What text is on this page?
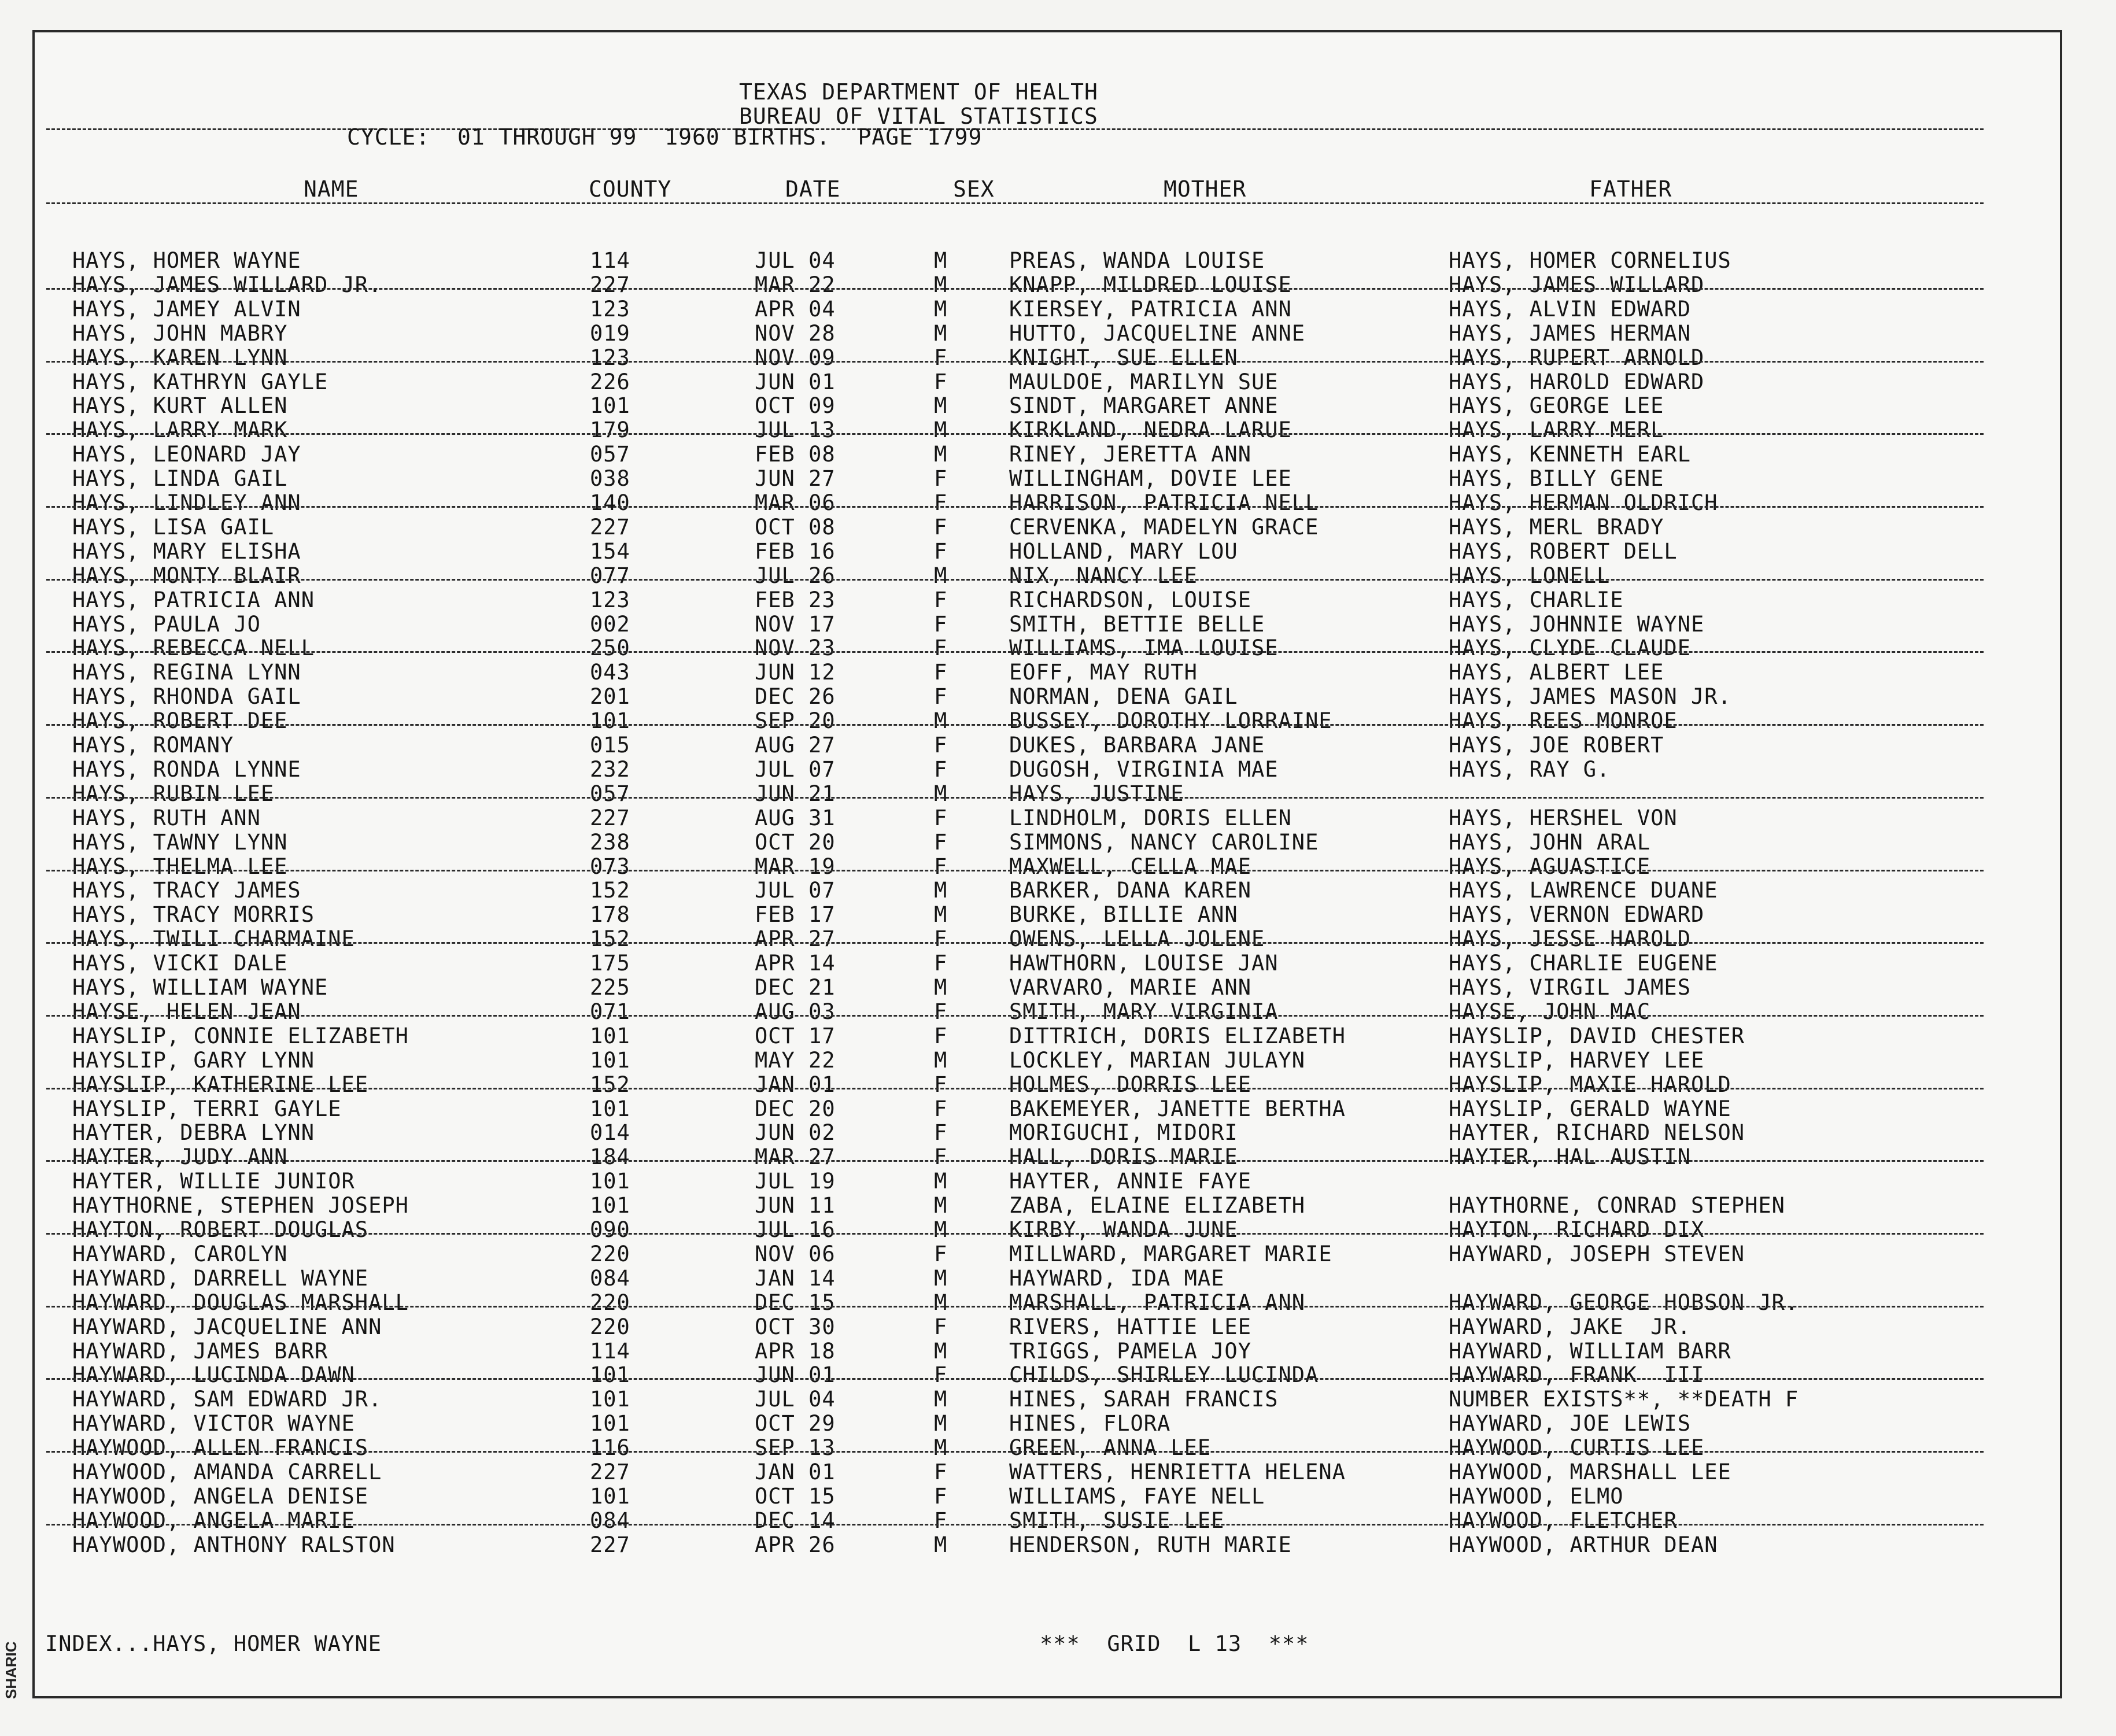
SHARIC
TEXAS DEPARTMENT OF HEALTH
BUREAU OF VITAL STATISTICS
CYCLE:  01 THROUGH 99  1960 BIRTHS.  PAGE 1799
NAME	COUNTY	DATE	SEX	MOTHER	FATHER
HAYS, HOMER WAYNE	114	JUL 04	M	PREAS, WANDA LOUISE	HAYS, HOMER CORNELIUS
HAYS, JAMES WILLARD JR.	227	MAR 22	M	KNAPP, MILDRED LOUISE	HAYS, JAMES WILLARD
HAYS, JAMEY ALVIN	123	APR 04	M	KIERSEY, PATRICIA ANN	HAYS, ALVIN EDWARD
HAYS, JOHN MABRY	019	NOV 28	M	HUTTO, JACQUELINE ANNE	HAYS, JAMES HERMAN
HAYS, KAREN LYNN	123	NOV 09	F	KNIGHT, SUE ELLEN	HAYS, RUPERT ARNOLD
HAYS, KATHRYN GAYLE	226	JUN 01	F	MAULDOE, MARILYN SUE	HAYS, HAROLD EDWARD
HAYS, KURT ALLEN	101	OCT 09	M	SINDT, MARGARET ANNE	HAYS, GEORGE LEE
HAYS, LARRY MARK	179	JUL 13	M	KIRKLAND, NEDRA LARUE	HAYS, LARRY MERL
HAYS, LEONARD JAY	057	FEB 08	M	RINEY, JERETTA ANN	HAYS, KENNETH EARL
HAYS, LINDA GAIL	038	JUN 27	F	WILLINGHAM, DOVIE LEE	HAYS, BILLY GENE
HAYS, LINDLEY ANN	140	MAR 06	F	HARRISON, PATRICIA NELL	HAYS, HERMAN OLDRICH
HAYS, LISA GAIL	227	OCT 08	F	CERVENKA, MADELYN GRACE	HAYS, MERL BRADY
HAYS, MARY ELISHA	154	FEB 16	F	HOLLAND, MARY LOU	HAYS, ROBERT DELL
HAYS, MONTY BLAIR	077	JUL 26	M	NIX, NANCY LEE	HAYS, LONELL
HAYS, PATRICIA ANN	123	FEB 23	F	RICHARDSON, LOUISE	HAYS, CHARLIE
HAYS, PAULA JO	002	NOV 17	F	SMITH, BETTIE BELLE	HAYS, JOHNNIE WAYNE
HAYS, REBECCA NELL	250	NOV 23	F	WILLIAMS, IMA LOUISE	HAYS, CLYDE CLAUDE
HAYS, REGINA LYNN	043	JUN 12	F	EOFF, MAY RUTH	HAYS, ALBERT LEE
HAYS, RHONDA GAIL	201	DEC 26	F	NORMAN, DENA GAIL	HAYS, JAMES MASON JR.
HAYS, ROBERT DEE	101	SEP 20	M	BUSSEY, DOROTHY LORRAINE	HAYS, REES MONROE
HAYS, ROMANY	015	AUG 27	F	DUKES, BARBARA JANE	HAYS, JOE ROBERT
HAYS, RONDA LYNNE	232	JUL 07	F	DUGOSH, VIRGINIA MAE	HAYS, RAY G.
HAYS, RUBIN LEE	057	JUN 21	M	HAYS, JUSTINE
HAYS, RUTH ANN	227	AUG 31	F	LINDHOLM, DORIS ELLEN	HAYS, HERSHEL VON
HAYS, TAWNY LYNN	238	OCT 20	F	SIMMONS, NANCY CAROLINE	HAYS, JOHN ARAL
HAYS, THELMA LEE	073	MAR 19	F	MAXWELL, CELLA MAE	HAYS, AGUASTICE
HAYS, TRACY JAMES	152	JUL 07	M	BARKER, DANA KAREN	HAYS, LAWRENCE DUANE
HAYS, TRACY MORRIS	178	FEB 17	M	BURKE, BILLIE ANN	HAYS, VERNON EDWARD
HAYS, TWILI CHARMAINE	152	APR 27	F	OWENS, LELLA JOLENE	HAYS, JESSE HAROLD
HAYS, VICKI DALE	175	APR 14	F	HAWTHORN, LOUISE JAN	HAYS, CHARLIE EUGENE
HAYS, WILLIAM WAYNE	225	DEC 21	M	VARVARO, MARIE ANN	HAYS, VIRGIL JAMES
HAYSE, HELEN JEAN	071	AUG 03	F	SMITH, MARY VIRGINIA	HAYSE, JOHN MAC
HAYSLIP, CONNIE ELIZABETH	101	OCT 17	F	DITTRICH, DORIS ELIZABETH	HAYSLIP, DAVID CHESTER
HAYSLIP, GARY LYNN	101	MAY 22	M	LOCKLEY, MARIAN JULAYN	HAYSLIP, HARVEY LEE
HAYSLIP, KATHERINE LEE	152	JAN 01	F	HOLMES, DORRIS LEE	HAYSLIP, MAXIE HAROLD
HAYSLIP, TERRI GAYLE	101	DEC 20	F	BAKEMEYER, JANETTE BERTHA	HAYSLIP, GERALD WAYNE
HAYTER, DEBRA LYNN	014	JUN 02	F	MORIGUCHI, MIDORI	HAYTER, RICHARD NELSON
HAYTER, JUDY ANN	184	MAR 27	F	HALL, DORIS MARIE	HAYTER, HAL AUSTIN
HAYTER, WILLIE JUNIOR	101	JUL 19	M	HAYTER, ANNIE FAYE
HAYTHORNE, STEPHEN JOSEPH	101	JUN 11	M	ZABA, ELAINE ELIZABETH	HAYTHORNE, CONRAD STEPHEN
HAYTON, ROBERT DOUGLAS	090	JUL 16	M	KIRBY, WANDA JUNE	HAYTON, RICHARD DIX
HAYWARD, CAROLYN	220	NOV 06	F	MILLWARD, MARGARET MARIE	HAYWARD, JOSEPH STEVEN
HAYWARD, DARRELL WAYNE	084	JAN 14	M	HAYWARD, IDA MAE
HAYWARD, DOUGLAS MARSHALL	220	DEC 15	M	MARSHALL, PATRICIA ANN	HAYWARD, GEORGE HOBSON JR.
HAYWARD, JACQUELINE ANN	220	OCT 30	F	RIVERS, HATTIE LEE	HAYWARD, JAKE  JR.
HAYWARD, JAMES BARR	114	APR 18	M	TRIGGS, PAMELA JOY	HAYWARD, WILLIAM BARR
HAYWARD, LUCINDA DAWN	101	JUN 01	F	CHILDS, SHIRLEY LUCINDA	HAYWARD, FRANK  III
HAYWARD, SAM EDWARD JR.	101	JUL 04	M	HINES, SARAH FRANCIS	NUMBER EXISTS**, **DEATH F
HAYWARD, VICTOR WAYNE	101	OCT 29	M	HINES, FLORA	HAYWARD, JOE LEWIS
HAYWOOD, ALLEN FRANCIS	116	SEP 13	M	GREEN, ANNA LEE	HAYWOOD, CURTIS LEE
HAYWOOD, AMANDA CARRELL	227	JAN 01	F	WATTERS, HENRIETTA HELENA	HAYWOOD, MARSHALL LEE
HAYWOOD, ANGELA DENISE	101	OCT 15	F	WILLIAMS, FAYE NELL	HAYWOOD, ELMO
HAYWOOD, ANGELA MARIE	084	DEC 14	F	SMITH, SUSIE LEE	HAYWOOD, FLETCHER
HAYWOOD, ANTHONY RALSTON	227	APR 26	M	HENDERSON, RUTH MARIE	HAYWOOD, ARTHUR DEAN
INDEX...HAYS, HOMER WAYNE	***  GRID  L 13  ***
